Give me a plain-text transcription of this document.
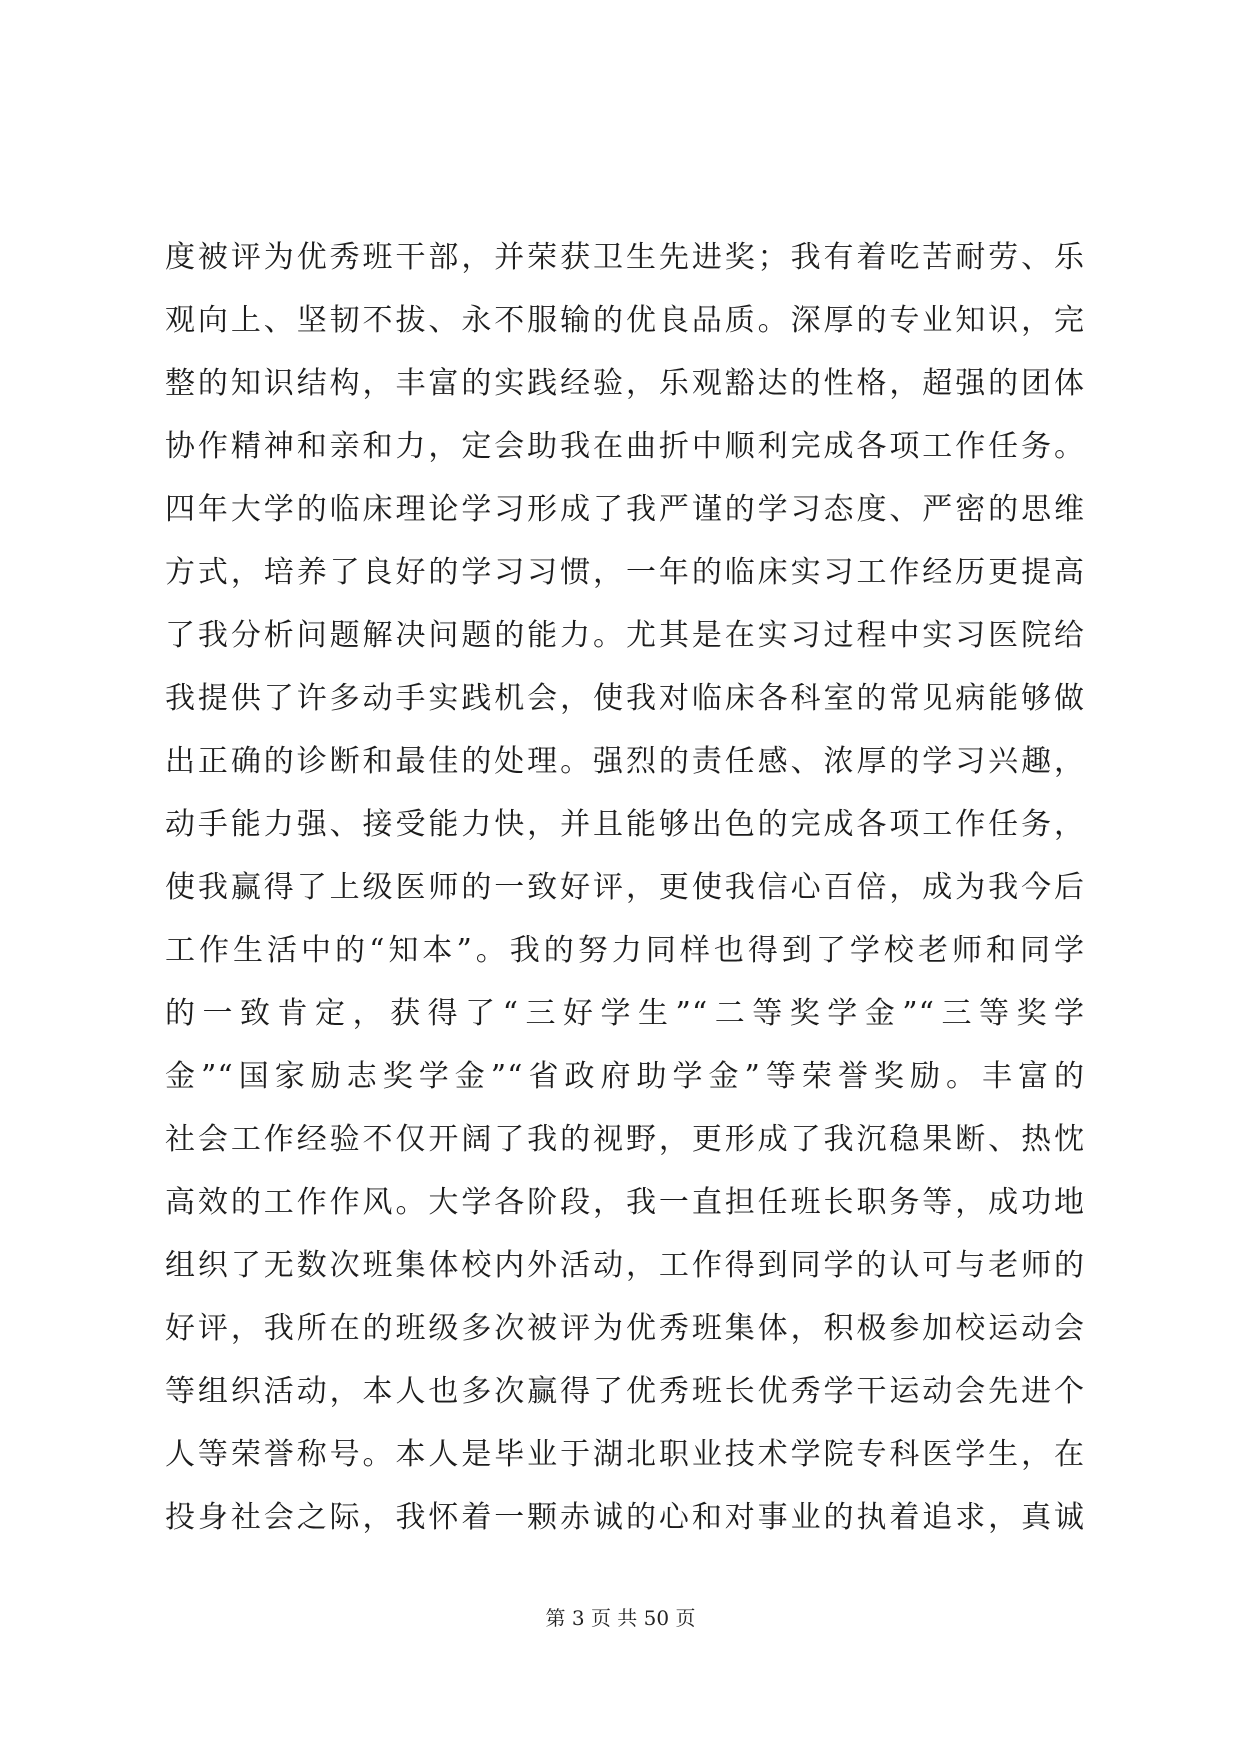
度被评为优秀班干部，并荣获卫生先进奖；我有着吃苦耐劳、乐
观向上、坚韧不拔、永不服输的优良品质。深厚的专业知识，完
整的知识结构，丰富的实践经验，乐观豁达的性格，超强的团体
协作精神和亲和力，定会助我在曲折中顺利完成各项工作任务。
四年大学的临床理论学习形成了我严谨的学习态度、严密的思维
方式，培养了良好的学习习惯，一年的临床实习工作经历更提高
了我分析问题解决问题的能力。尤其是在实习过程中实习医院给
我提供了许多动手实践机会，使我对临床各科室的常见病能够做
出正确的诊断和最佳的处理。强烈的责任感、浓厚的学习兴趣，
动手能力强、接受能力快，并且能够出色的完成各项工作任务，
使我赢得了上级医师的一致好评，更使我信心百倍，成为我今后
工作生活中的“知本”。我的努力同样也得到了学校老师和同学
的一致肯定，获得了“三好学生”“二等奖学金”“三等奖学
金”“国家励志奖学金”“省政府助学金”等荣誉奖励。丰富的
社会工作经验不仅开阔了我的视野，更形成了我沉稳果断、热忱
高效的工作作风。大学各阶段，我一直担任班长职务等，成功地
组织了无数次班集体校内外活动，工作得到同学的认可与老师的
好评，我所在的班级多次被评为优秀班集体，积极参加校运动会
等组织活动，本人也多次赢得了优秀班长优秀学干运动会先进个
人等荣誉称号。本人是毕业于湖北职业技术学院专科医学生，在
投身社会之际，我怀着一颗赤诚的心和对事业的执着追求，真诚
第 3 页 共 50 页
